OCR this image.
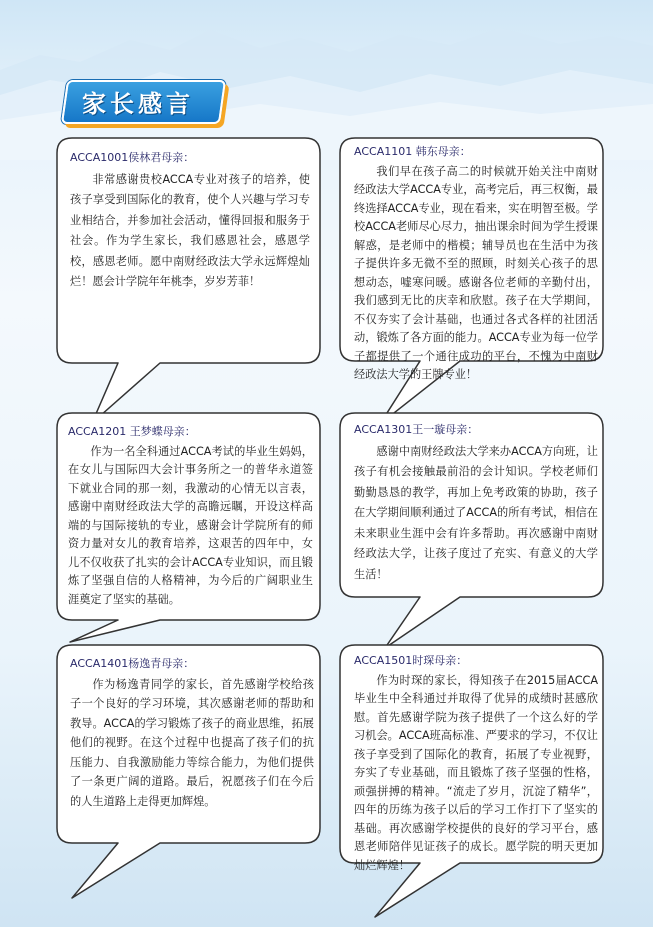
家长感言
ACCA1001侯林君母亲：
非常感谢贵校ACCA专业对孩子的培养，使孩子享受到国际化的教育，使个人兴趣与学习专业相结合，并参加社会活动，懂得回报和服务于社会。作为学生家长，我们感恩社会，感恩学校，感恩老师。愿中南财经政法大学永远辉煌灿烂！愿会计学院年年桃李，岁岁芳菲！
ACCA1101 韩东母亲：
我们早在孩子高二的时候就开始关注中南财经政法大学ACCA专业，高考完后，再三权衡，最终选择ACCA专业，现在看来，实在明智至极。学校ACCA老师尽心尽力，抽出课余时间为学生授课解惑，是老师中的楷模；辅导员也在生活中为孩子提供许多无微不至的照顾，时刻关心孩子的思想动态，嘘寒问暖。感谢各位老师的辛勤付出，我们感到无比的庆幸和欣慰。孩子在大学期间，不仅夯实了会计基础，也通过各式各样的社团活动，锻炼了各方面的能力。ACCA专业为每一位学子都提供了一个通往成功的平台，不愧为中南财经政法大学的王牌专业！
ACCA1201 王梦蝶母亲：
作为一名全科通过ACCA考试的毕业生妈妈，在女儿与国际四大会计事务所之一的普华永道签下就业合同的那一刻，我激动的心情无以言表，感谢中南财经政法大学的高瞻远瞩，开设这样高端的与国际接轨的专业，感谢会计学院所有的师资力量对女儿的教育培养，这艰苦的四年中，女儿不仅收获了扎实的会计ACCA专业知识，而且锻炼了坚强自信的人格精神，为今后的广阔职业生涯奠定了坚实的基础。
ACCA1301王一璇母亲：
感谢中南财经政法大学来办ACCA方向班，让孩子有机会接触最前沿的会计知识。学校老师们勤勤恳恳的教学，再加上免考政策的协助，孩子在大学期间顺利通过了ACCA的所有考试，相信在未来职业生涯中会有许多帮助。再次感谢中南财经政法大学，让孩子度过了充实、有意义的大学生活！
ACCA1401杨逸青母亲：
作为杨逸青同学的家长，首先感谢学校给孩子一个良好的学习环境，其次感谢老师的帮助和教导。ACCA的学习锻炼了孩子的商业思维，拓展他们的视野。在这个过程中也提高了孩子们的抗压能力、自我激励能力等综合能力，为他们提供了一条更广阔的道路。最后，祝愿孩子们在今后的人生道路上走得更加辉煌。
ACCA1501时琛母亲：
作为时琛的家长，得知孩子在2015届ACCA毕业生中全科通过并取得了优异的成绩时甚感欣慰。首先感谢学院为孩子提供了一个这么好的学习机会。ACCA班高标准、严要求的学习，不仅让孩子享受到了国际化的教育，拓展了专业视野，夯实了专业基础，而且锻炼了孩子坚强的性格，顽强拼搏的精神。“流走了岁月，沉淀了精华”，四年的历练为孩子以后的学习工作打下了坚实的基础。再次感谢学校提供的良好的学习平台，感恩老师陪伴见证孩子的成长。愿学院的明天更加灿烂辉煌！
